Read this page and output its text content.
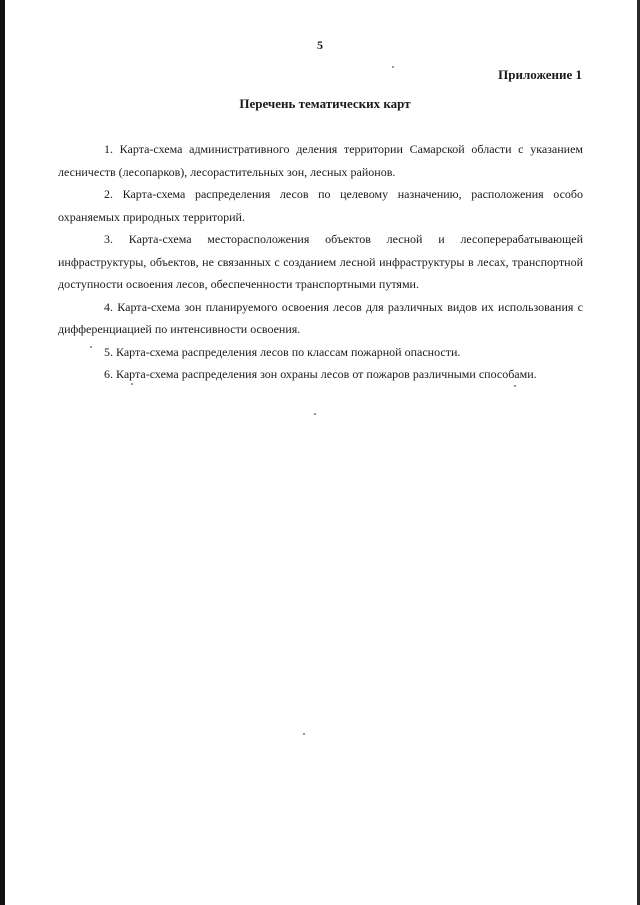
5
Приложение 1
Перечень тематических карт

1. Карта-схема административного деления территории Самарской области с указанием лесничеств (лесопарков), лесорастительных зон, лесных районов.

2. Карта-схема распределения лесов по целевому назначению, расположения особо охраняемых природных территорий.

3. Карта-схема месторасположения объектов лесной и лесоперерабатывающей инфраструктуры, объектов, не связанных с созданием лесной инфраструктуры в лесах, транспортной доступности освоения лесов, обеспеченности транспортными путями.

4. Карта-схема зон планируемого освоения лесов для различных видов их использования с дифференциацией по интенсивности освоения.

5. Карта-схема распределения лесов по классам пожарной опасности.

6. Карта-схема распределения зон охраны лесов от пожаров различными способами.
